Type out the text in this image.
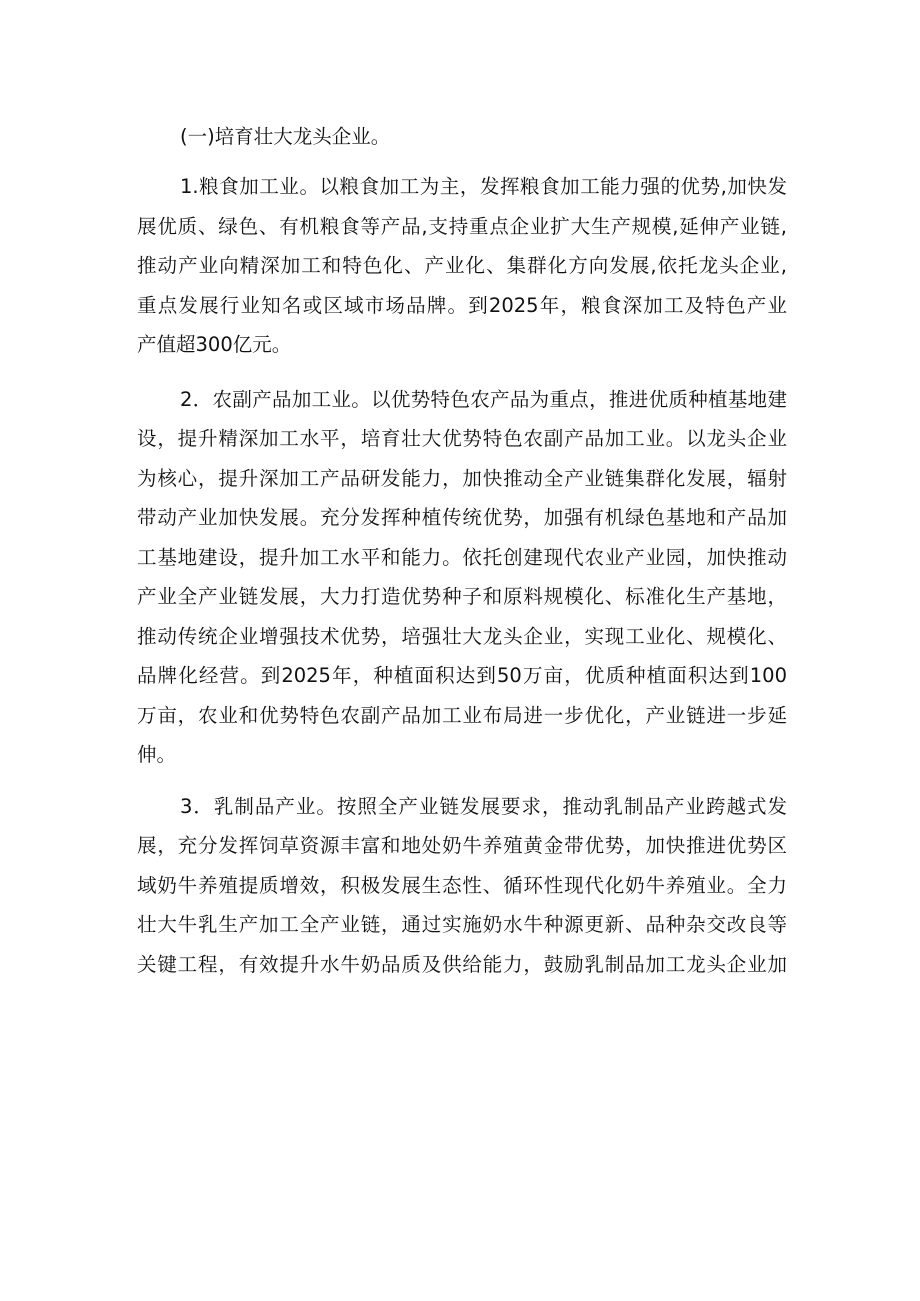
(一)培育壮大龙头企业。

1.粮食加工业。以粮食加工为主，发挥粮食加工能力强的优势,加快发
展优质、绿色、有机粮食等产品,支持重点企业扩大生产规模,延伸产业链,
推动产业向精深加工和特色化、产业化、集群化方向发展,依托龙头企业,
重点发展行业知名或区域市场品牌。到2025年，粮食深加工及特色产业
产值超300亿元。

2．农副产品加工业。以优势特色农产品为重点，推进优质种植基地建
设，提升精深加工水平，培育壮大优势特色农副产品加工业。以龙头企业
为核心，提升深加工产品研发能力，加快推动全产业链集群化发展，辐射
带动产业加快发展。充分发挥种植传统优势，加强有机绿色基地和产品加
工基地建设，提升加工水平和能力。依托创建现代农业产业园，加快推动
产业全产业链发展，大力打造优势种子和原料规模化、标准化生产基地，
推动传统企业增强技术优势，培强壮大龙头企业，实现工业化、规模化、
品牌化经营。到2025年，种植面积达到50万亩，优质种植面积达到100
万亩，农业和优势特色农副产品加工业布局进一步优化，产业链进一步延
伸。

3．乳制品产业。按照全产业链发展要求，推动乳制品产业跨越式发
展，充分发挥饲草资源丰富和地处奶牛养殖黄金带优势，加快推进优势区
域奶牛养殖提质增效，积极发展生态性、循环性现代化奶牛养殖业。全力
壮大牛乳生产加工全产业链，通过实施奶水牛种源更新、品种杂交改良等
关键工程，有效提升水牛奶品质及供给能力，鼓励乳制品加工龙头企业加
